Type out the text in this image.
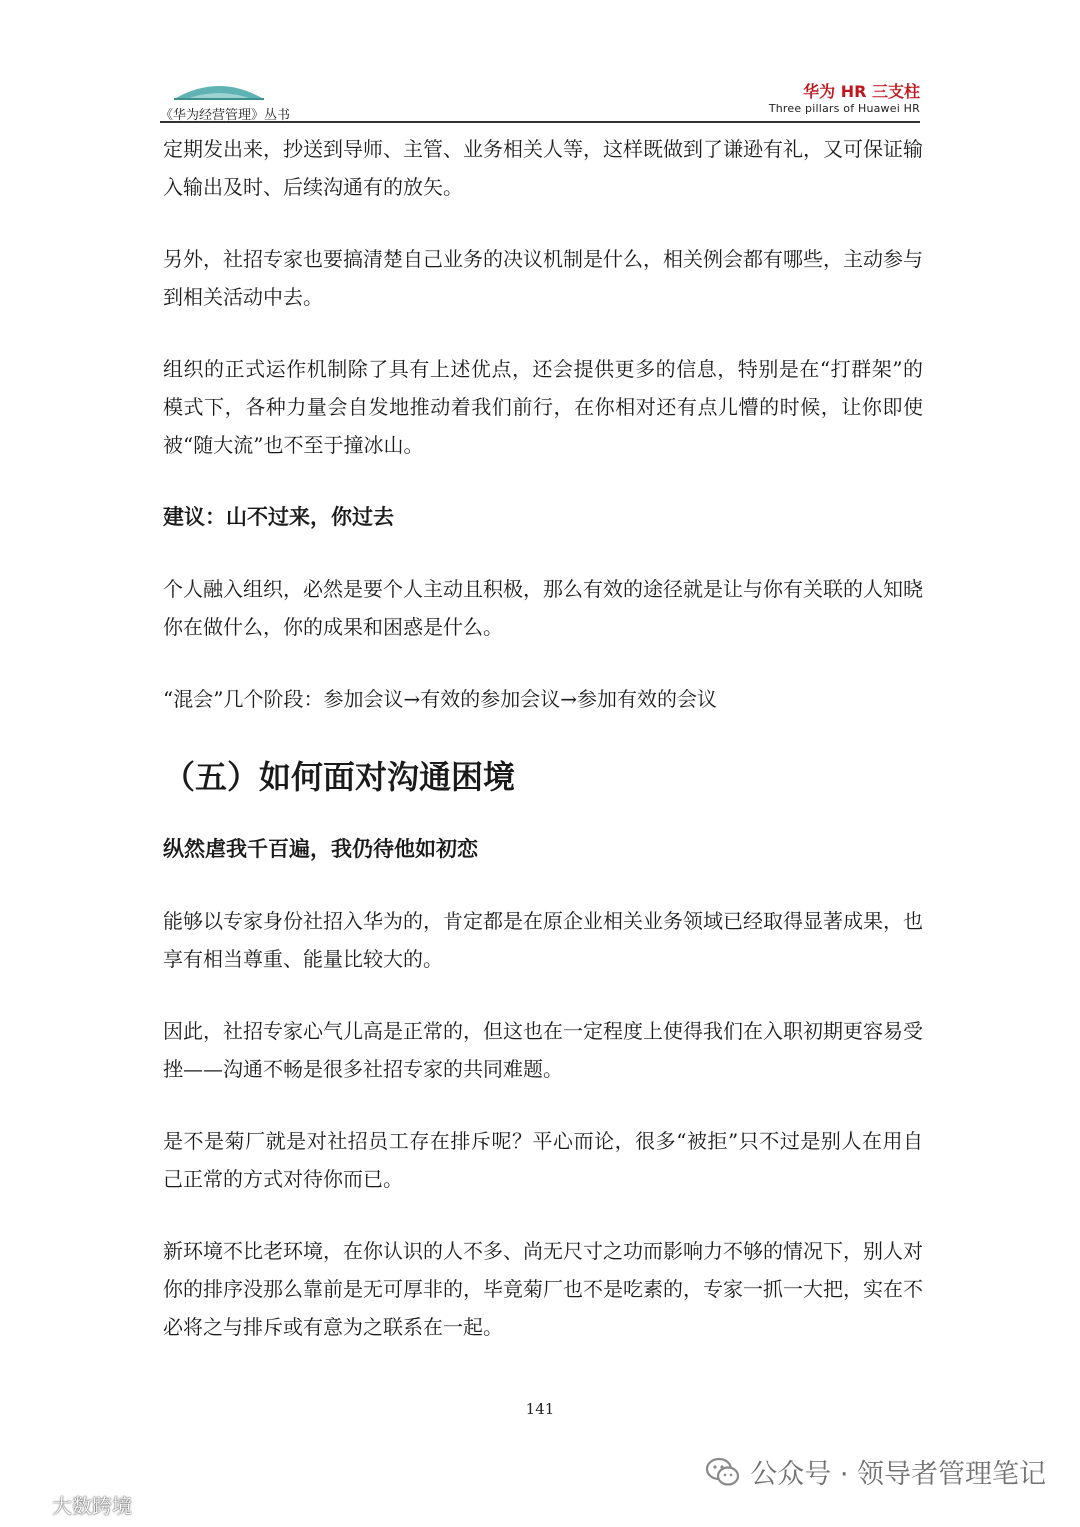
《华为经营管理》丛书
华为 HR 三支柱
Three pillars of Huawei HR

定期发出来，抄送到导师、主管、业务相关人等，这样既做到了谦逊有礼，又可保证输入输出及时、后续沟通有的放矢。

另外，社招专家也要搞清楚自己业务的决议机制是什么，相关例会都有哪些，主动参与到相关活动中去。

组织的正式运作机制除了具有上述优点，还会提供更多的信息，特别是在“打群架”的模式下，各种力量会自发地推动着我们前行，在你相对还有点儿懵的时候，让你即使被“随大流”也不至于撞冰山。

建议：山不过来，你过去

个人融入组织，必然是要个人主动且积极，那么有效的途径就是让与你有关联的人知晓你在做什么，你的成果和困惑是什么。

“混会”几个阶段：参加会议→有效的参加会议→参加有效的会议

（五）如何面对沟通困境

纵然虐我千百遍，我仍待他如初恋

能够以专家身份社招入华为的，肯定都是在原企业相关业务领域已经取得显著成果，也享有相当尊重、能量比较大的。

因此，社招专家心气儿高是正常的，但这也在一定程度上使得我们在入职初期更容易受挫——沟通不畅是很多社招专家的共同难题。

是不是菊厂就是对社招员工存在排斥呢？平心而论，很多“被拒”只不过是别人在用自己正常的方式对待你而已。

新环境不比老环境，在你认识的人不多、尚无尺寸之功而影响力不够的情况下，别人对你的排序没那么靠前是无可厚非的，毕竟菊厂也不是吃素的，专家一抓一大把，实在不必将之与排斥或有意为之联系在一起。

141
公众号 · 领导者管理笔记
大数跨境
